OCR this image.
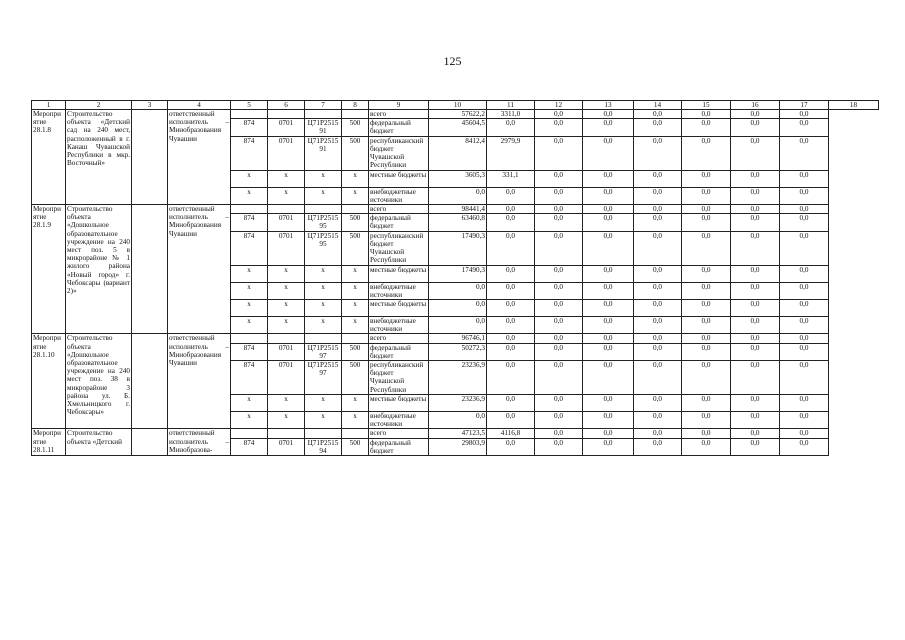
125
1	2	3	4	5	6	7	8	9	10	11	12	13	14	15	16	17	18
Мероприятие 28.1.8	Строительство объекта «Детский сад на 240 мест, расположенный в г. Канаш Чувашской Республики в мкр. Восточный»		ответственный исполнитель – Минобразования Чувашии					всего	57622,2	3311,0	0,0	0,0	0,0	0,0	0,0	0,0	
				874	0701	Ц71Р251591	500	федеральный бюджет	45604,5	0,0	0,0	0,0	0,0	0,0	0,0	0,0	
				874	0701	Ц71Р251591	500	республиканский бюджет Чувашской Республики	8412,4	2979,9	0,0	0,0	0,0	0,0	0,0	0,0	
				x	x	x	x	местные бюджеты	3605,3	331,1	0,0	0,0	0,0	0,0	0,0	0,0	
				x	x	x	x	внебюджетные источники	0,0	0,0	0,0	0,0	0,0	0,0	0,0	0,0	
Мероприятие 28.1.9	Строительство объекта «Дошкольное образовательное учреждение на 240 мест поз. 5 в микрорайоне № 1 жилого района «Новый город» г. Чебоксары (вариант 2)»		ответственный исполнитель – Минобразования Чувашии					всего	98441,4	0,0	0,0	0,0	0,0	0,0	0,0	0,0	
				874	0701	Ц71Р251595	500	федеральный бюджет	63460,8	0,0	0,0	0,0	0,0	0,0	0,0	0,0	
				874	0701	Ц71Р251595	500	республиканский бюджет Чувашской Республики	17490,3	0,0	0,0	0,0	0,0	0,0	0,0	0,0	
				x	x	x	x	местные бюджеты	17490,3	0,0	0,0	0,0	0,0	0,0	0,0	0,0	
				x	x	x	x	внебюджетные источники	0,0	0,0	0,0	0,0	0,0	0,0	0,0	0,0	
				x	x	x	x	местные бюджеты	0,0	0,0	0,0	0,0	0,0	0,0	0,0	0,0	
				x	x	x	x	внебюджетные источники	0,0	0,0	0,0	0,0	0,0	0,0	0,0	0,0	
Мероприятие 28.1.10	Строительство объекта «Дошкольное образовательное учреждение на 240 мест поз. 38 в микрорайоне 3 района ул. Б. Хмельницкого г. Чебоксары»		ответственный исполнитель – Минобразования Чувашии					всего	96746,1	0,0	0,0	0,0	0,0	0,0	0,0	0,0	
				874	0701	Ц71Р251597	500	федеральный бюджет	50272,3	0,0	0,0	0,0	0,0	0,0	0,0	0,0	
				874	0701	Ц71Р251597	500	республиканский бюджет Чувашской Республики	23236,9	0,0	0,0	0,0	0,0	0,0	0,0	0,0	
				x	x	x	x	местные бюджеты	23236,9	0,0	0,0	0,0	0,0	0,0	0,0	0,0	
				x	x	x	x	внебюджетные источники	0,0	0,0	0,0	0,0	0,0	0,0	0,0	0,0	
Мероприятие 28.1.11	Строительство объекта «Детский		ответственный исполнитель – Минобразова-					всего	47123,5	4116,8	0,0	0,0	0,0	0,0	0,0	0,0	
				874	0701	Ц71Р251594	500	федеральный бюджет	29803,9	0,0	0,0	0,0	0,0	0,0	0,0	0,0	
